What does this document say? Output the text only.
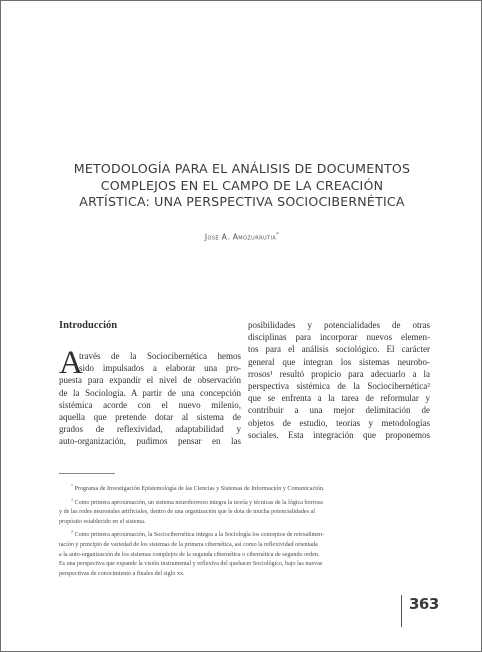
METODOLOGÍA PARA EL ANÁLISIS DE DOCUMENTOS
COMPLEJOS EN EL CAMPO DE LA CREACIÓN
ARTÍSTICA: UNA PERSPECTIVA SOCIOCIBERNÉTICA
José A. Amozurrutia*
Introducción
A
través de la Sociocibernética hemos
sido impulsados a elaborar una pro-
puesta para expandir el nivel de observación
de la Sociología. A partir de una concepción
sistémica acorde con el nuevo milenio,
aquella que pretende dotar al sistema de
grados de reflexividad, adaptabilidad y
auto-organización, pudimos pensar en las
posibilidades y potencialidades de otras
disciplinas para incorporar nuevos elemen-
tos para el análisis sociológico. El carácter
general que integran los sistemas neurobo-
rrosos¹ resultó propicio para adecuarlo a la
perspectiva sistémica de la Sociocibernética²
que se enfrenta a la tarea de reformular y
contribuir a una mejor delimitación de
objetos de estudio, teorías y metodologías
sociales. Esta integración que proponemos
* Programa de Investigación Epistemología de las Ciencias y Sistemas de Información y Comunicación.
$^1$ Como primera aproximación, un sistema neuroborroso integra la teoría y técnicas de la lógica borrosa
y de las redes neuronales artificiales, dentro de una organización que le dota de mucha potencialidades al
propósito establecido en el sistema.
$^2$ Como primera aproximación, la Sociocibernética integra a la Sociología los conceptos de retroalimen-
tación y principio de variedad de los sistemas de la primera cibernética, así como la reflexividad orientada
a la auto-organización de los sistemas complejos de la segunda cibernética o cibernética de segundo orden.
Es una perspectiva que expande la visión instrumental y reflexiva del quehacer Sociológico, bajo las nuevas
perspectivas de conocimiento a finales del siglo xx.
363
